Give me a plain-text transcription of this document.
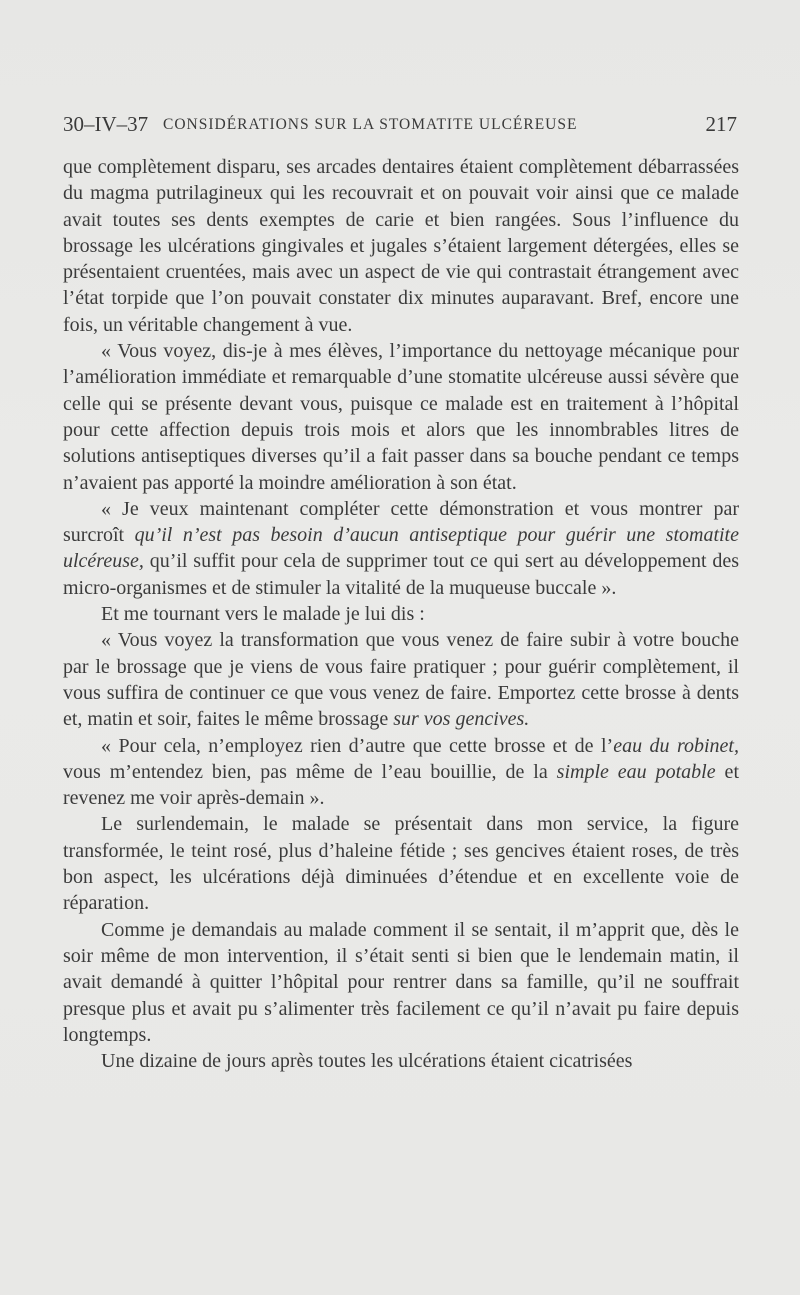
30–IV–37 CONSIDÉRATIONS SUR LA STOMATITE ULCÉREUSE	217

que complètement disparu, ses arcades dentaires étaient complètement débarrassées du magma putrilagineux qui les recouvrait et on pouvait voir ainsi que ce malade avait toutes ses dents exemptes de carie et bien rangées. Sous l’influence du brossage les ulcérations gingivales et jugales s’étaient largement détergées, elles se présentaient cruentées, mais avec un aspect de vie qui contrastait étrangement avec l’état torpide que l’on pouvait constater dix minutes auparavant. Bref, encore une fois, un véritable changement à vue.

« Vous voyez, dis-je à mes élèves, l’importance du nettoyage mécanique pour l’amélioration immédiate et remarquable d’une stomatite ulcéreuse aussi sévère que celle qui se présente devant vous, puisque ce malade est en traitement à l’hôpital pour cette affection depuis trois mois et alors que les innombrables litres de solutions antiseptiques diverses qu’il a fait passer dans sa bouche pendant ce temps n’avaient pas apporté la moindre amélioration à son état.

« Je veux maintenant compléter cette démonstration et vous montrer par surcroît qu’il n’est pas besoin d’aucun antiseptique pour guérir une stomatite ulcéreuse, qu’il suffit pour cela de supprimer tout ce qui sert au développement des micro-organismes et de stimuler la vitalité de la muqueuse buccale ».

Et me tournant vers le malade je lui dis :

« Vous voyez la transformation que vous venez de faire subir à votre bouche par le brossage que je viens de vous faire pratiquer ; pour guérir complètement, il vous suffira de continuer ce que vous venez de faire. Emportez cette brosse à dents et, matin et soir, faites le même brossage sur vos gencives.

« Pour cela, n’employez rien d’autre que cette brosse et de l’eau du robinet, vous m’entendez bien, pas même de l’eau bouillie, de la simple eau potable et revenez me voir après-demain ».

Le surlendemain, le malade se présentait dans mon service, la figure transformée, le teint rosé, plus d’haleine fétide ; ses gencives étaient roses, de très bon aspect, les ulcérations déjà diminuées d’étendue et en excellente voie de réparation.

Comme je demandais au malade comment il se sentait, il m’apprit que, dès le soir même de mon intervention, il s’était senti si bien que le lendemain matin, il avait demandé à quitter l’hôpital pour rentrer dans sa famille, qu’il ne souffrait presque plus et avait pu s’alimenter très facilement ce qu’il n’avait pu faire depuis longtemps.

Une dizaine de jours après toutes les ulcérations étaient cicatrisées
